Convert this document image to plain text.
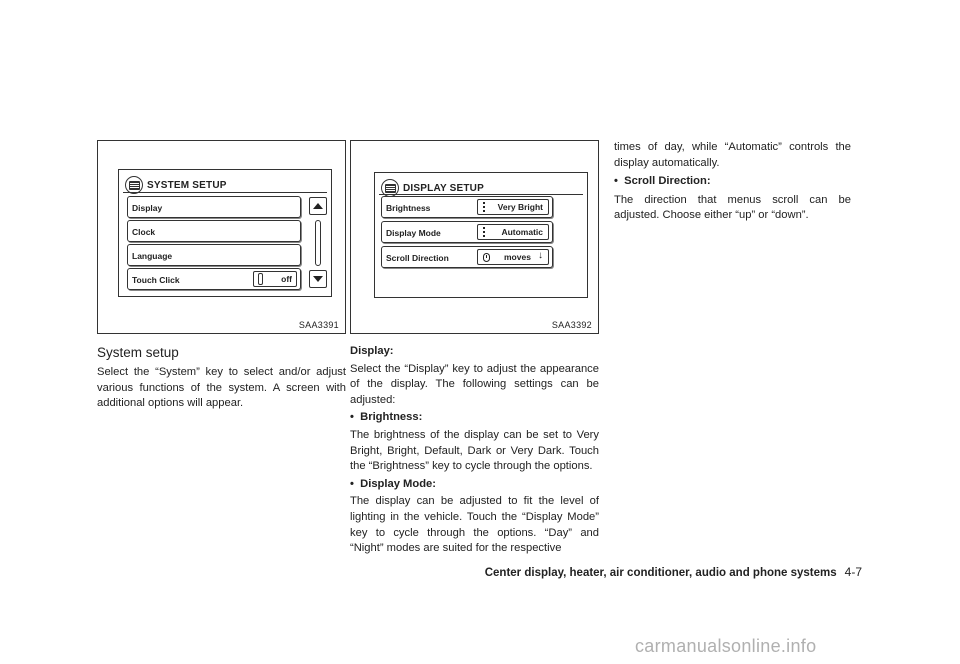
SYSTEM SETUP
Display
Clock
Language
Touch Click	off
SAA3391
DISPLAY SETUP
Brightness	Very Bright
Display Mode	Automatic
Scroll Direction	moves ↓
SAA3392
System setup
Select the “System” key to select and/or adjust various functions of the system. A screen with additional options will appear.
Display:
Select the “Display” key to adjust the appearance of the display. The following settings can be adjusted:
•  Brightness:
The brightness of the display can be set to Very Bright, Bright, Default, Dark or Very Dark. Touch the “Brightness” key to cycle through the options.
•  Display Mode:
The display can be adjusted to fit the level of lighting in the vehicle. Touch the “Display Mode” key to cycle through the options. “Day” and “Night” modes are suited for the respective
times of day, while “Automatic” controls the display automatically.
•  Scroll Direction:
The direction that menus scroll can be adjusted. Choose either “up” or “down”.
Center display, heater, air conditioner, audio and phone systems 4-7
carmanualsonline.info
